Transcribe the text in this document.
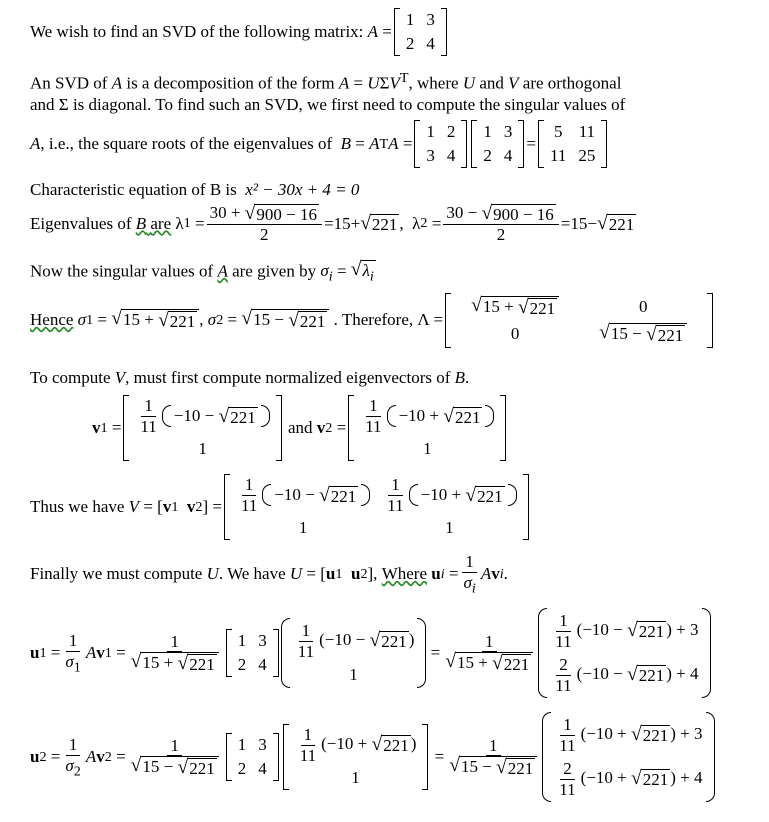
We wish to find an SVD of the following matrix:
A =
1	3
2	4
An SVD of A is a decomposition of the form $A = U\Sigma V^T$, where U and V are orthogonal
and Σ is diagonal. To find such an SVD, we first need to compute the singular values of
A , i.e., the square roots of the eigenvalues of
B = A T A =
1	2
3	4
1	3
2	4
=
5	11
11	25
Characteristic equation of B is x² − 30x + 4 = 0
Eigenvalues of
B are λ $1 = \frac{30 + √ 900 - 16}{2} = 15$ + √ 221 ,  λ $2 = \frac{30 - √ 900 - 16}{2} = 15$ − √ 221
Now the singular values of A are given by $\sigma_i$ = √ $\lambda_i$
Hence
σ 1 = √ 15 + √ 221 , σ 2 = √ 15 − √ 221
. Therefore, Λ =
√ 15 + √ 221	0
0	√ 15 − √ 221
To compute V, must first compute normalized eigenvectors of B.
v $1 = \frac{1}{11} -10$ − √ 221

1

and
v $2 = \frac{1}{11} -10$ + √ 221

1
Thus we have
V = [ v 1
v 2 ] = $\frac{1}{11} -10$ − √ 221	$\frac{1}{11} -10$ + √ 221

1	1
Finally we must compute
U . We have
U = [ u 1
u 2 ], Where
u $i = \frac{1}{\sigma_i}$ A v i .
u $1 = \frac{1}{\sigma_1}$ A v $1 = \frac{1}{√ 15 + √ 221} 1$	3
2	4
$\frac{1}{11} (-10$ − √ 221 )
1
= $\frac{1}{√ 15 + √ 221}$
$\frac{1}{11} (-10$ − √ 221 ) + 3

$\frac{2}{11} (-10$ − √ 221 ) + 4
u $2 = \frac{1}{\sigma_2}$ A v $2 = \frac{1}{√ 15 - √ 221} 1$	3
2	4
$\frac{1}{11} (-10$ + √ 221 )
1
= $\frac{1}{√ 15 - √ 221}$
$\frac{1}{11} (-10$ + √ 221 ) + 3

$\frac{2}{11} (-10$ + √ 221 ) + 4
